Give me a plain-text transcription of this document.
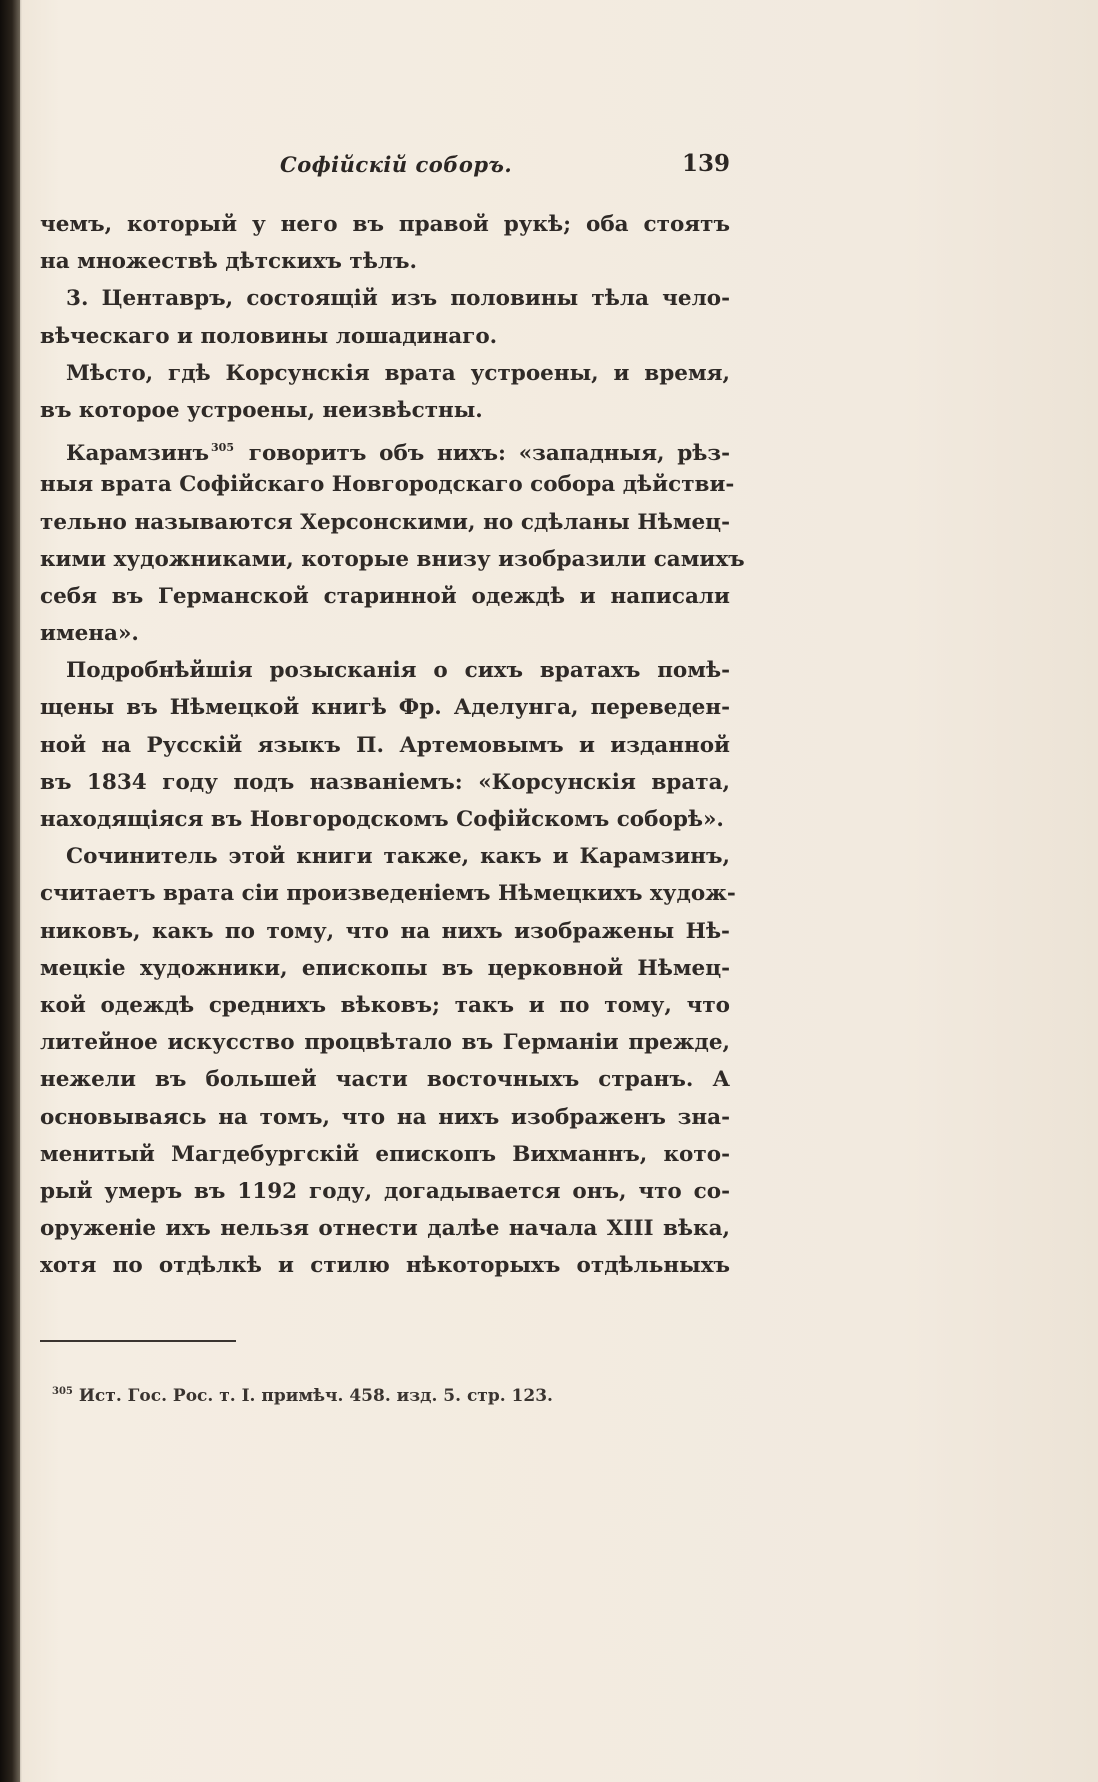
Софійскій соборъ.	139
чемъ, который у него въ правой рукѣ; оба стоятъ
на множествѣ дѣтскихъ тѣлъ.
3. Центавръ, состоящій изъ половины тѣла чело-
вѣческаго и половины лошадинаго.
Мѣсто, гдѣ Корсунскія врата устроены, и время,
въ которое устроены, неизвѣстны.
Карамзинъ $^{305}$ говоритъ объ нихъ: «западныя, рѣз-
ныя врата Софійскаго Новгородскаго собора дѣйстви-
тельно называются Херсонскими, но сдѣланы Нѣмец-
кими художниками, которые внизу изобразили самихъ
себя въ Германской старинной одеждѣ и написали
имена».
Подробнѣйшія розысканія о сихъ вратахъ помѣ-
щены въ Нѣмецкой книгѣ Фр. Аделунга, переведен-
ной на Русскій языкъ П. Артемовымъ и изданной
въ 1834 году подъ названіемъ: «Корсунскія врата,
находящіяся въ Новгородскомъ Софійскомъ соборѣ».
Сочинитель этой книги также, какъ и Карамзинъ,
считаетъ врата сіи произведеніемъ Нѣмецкихъ худож-
никовъ, какъ по тому, что на нихъ изображены Нѣ-
мецкіе художники, епископы въ церковной Нѣмец-
кой одеждѣ среднихъ вѣковъ; такъ и по тому, что
литейное искусство процвѣтало въ Германіи прежде,
нежели въ большей части восточныхъ странъ. А
основываясь на томъ, что на нихъ изображенъ зна-
менитый Магдебургскій епископъ Вихманнъ, кото-
рый умеръ въ 1192 году, догадывается онъ, что со-
оруженіе ихъ нельзя отнести далѣе начала XIII вѣка,
хотя по отдѣлкѣ и стилю нѣкоторыхъ отдѣльныхъ
$^{305}$ Ист. Гос. Рос. т. I. примѣч. 458. изд. 5. стр. 123.
